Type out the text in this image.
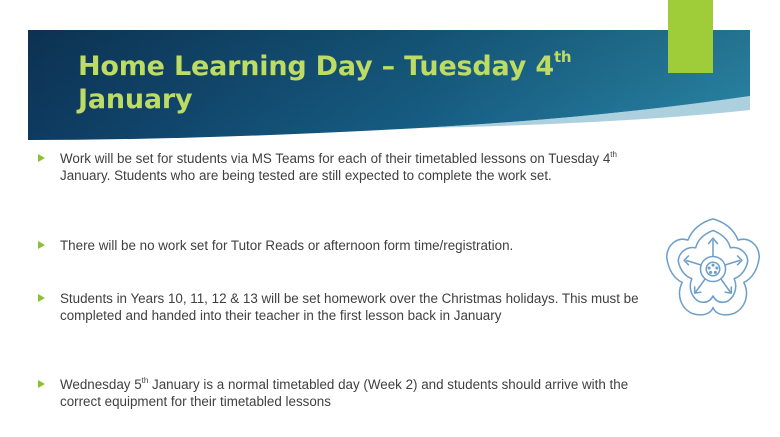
Home Learning Day – Tuesday 4th
January

Work will be set for students via MS Teams for each of their timetabled lessons on Tuesday 4th January. Students who are being tested are still expected to complete the work set.

There will be no work set for Tutor Reads or afternoon form time/registration.

Students in Years 10, 11, 12 & 13 will be set homework over the Christmas holidays. This must be completed and handed into their teacher in the first lesson back in January

Wednesday 5th January is a normal timetabled day (Week 2) and students should arrive with the correct equipment for their timetabled lessons
